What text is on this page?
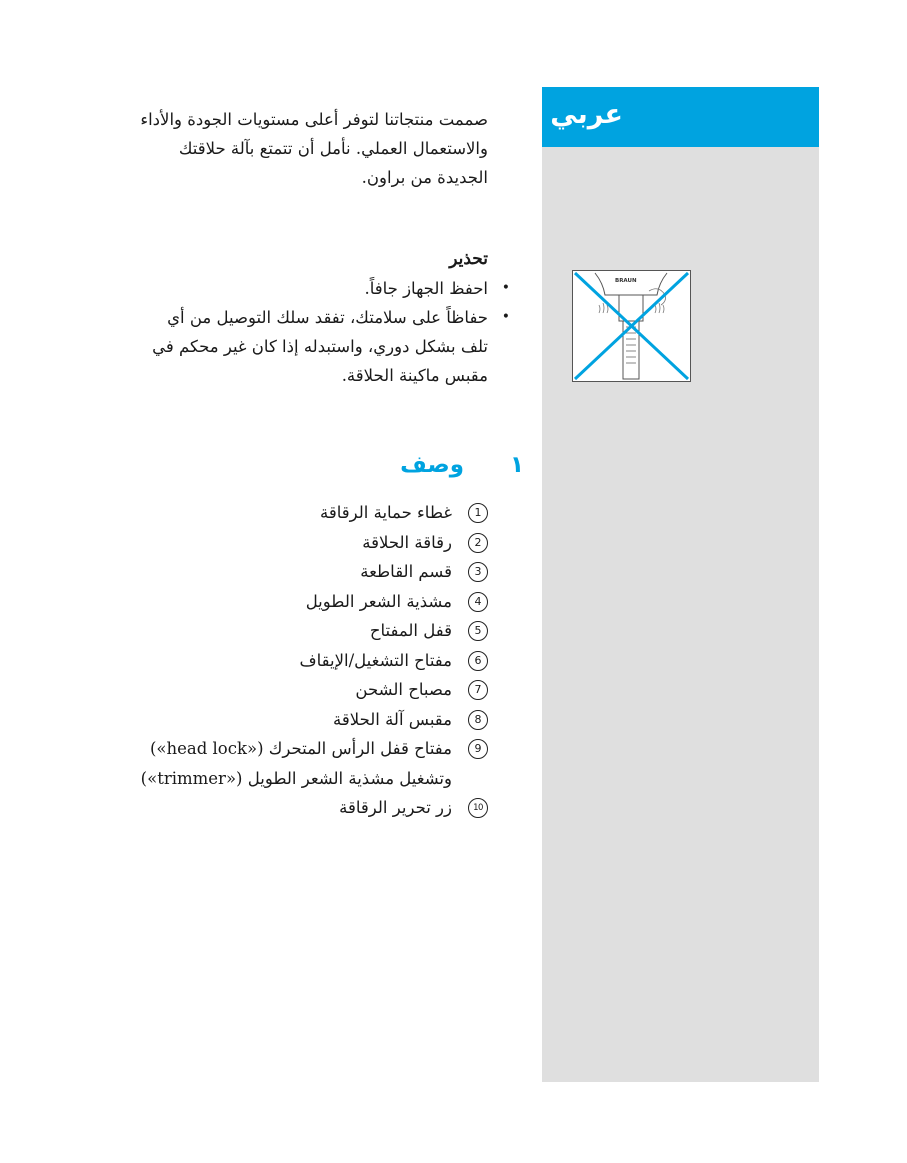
عربي
BRAUN

صممت منتجاتنا لتوفر أعلى مستويات الجودة والأداء
والاستعمال العملي. نأمل أن تتمتع بآلة حلاقتك
الجديدة من براون.

تحذير
• احفظ الجهاز جافاً.
• حفاظاً على سلامتك، تفقد سلك التوصيل من أي
تلف بشكل دوري، واستبدله إذا كان غير محكم في
مقبس ماكينة الحلاقة.
١وصف
1
غطاء حماية الرقاقة
2
رقاقة الحلاقة
3
قسم القاطعة
4
مشذية الشعر الطويل
5
قفل المفتاح
6
مفتاح التشغيل/الإيقاف
7
مصباح الشحن
8
مقبس آلة الحلاقة
9
مفتاح قفل الرأس المتحرك («head lock»)
وتشغيل مشذية الشعر الطويل («trimmer»)
10
زر تحرير الرقاقة
